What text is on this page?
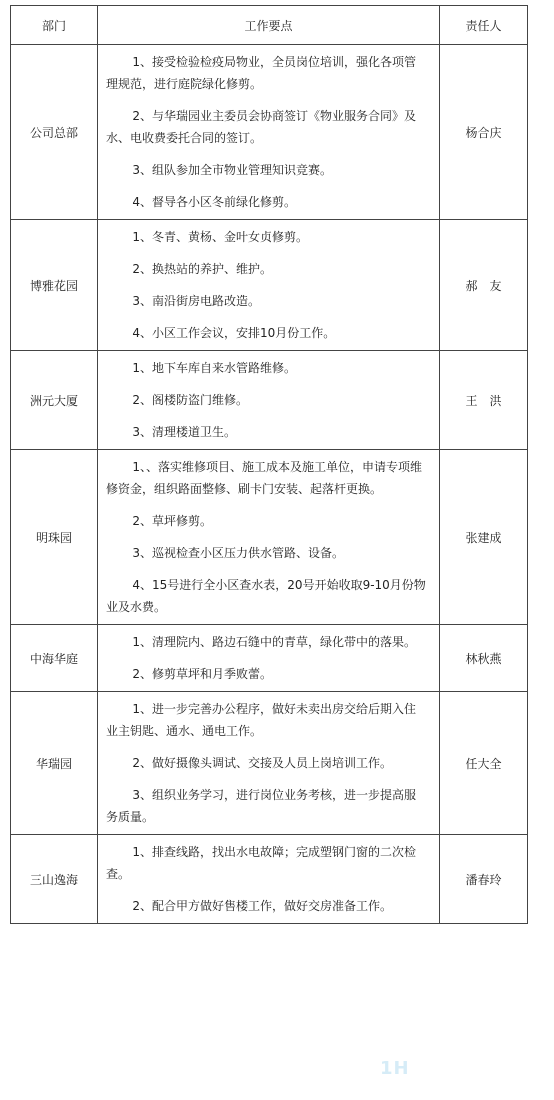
部门	工作要点	责任人
公司总部	1、接受检验检疫局物业，全员岗位培训，强化各项管理规范，进行庭院绿化修剪。

2、与华瑞园业主委员会协商签订《物业服务合同》及水、电收费委托合同的签订。

3、组队参加全市物业管理知识竞赛。

4、督导各小区冬前绿化修剪。	杨合庆
博雅花园	1、冬青、黄杨、金叶女贞修剪。

2、换热站的养护、维护。

3、南沿街房电路改造。

4、小区工作会议，安排10月份工作。	郝　友
洲元大厦	1、地下车库自来水管路维修。

2、阁楼防盗门维修。

3、清理楼道卫生。	王　洪
明珠园	1、、落实维修项目、施工成本及施工单位，申请专项维修资金，组织路面整修、刷卡门安装、起落杆更换。

2、草坪修剪。

3、巡视检查小区压力供水管路、设备。

4、15号进行全小区查水表，20号开始收取9-10月份物业及水费。	张建成
中海华庭	1、清理院内、路边石缝中的青草，绿化带中的落果。

2、修剪草坪和月季败蕾。	林秋燕
华瑞园	1、进一步完善办公程序，做好未卖出房交给后期入住业主钥匙、通水、通电工作。

2、做好摄像头调试、交接及人员上岗培训工作。

3、组织业务学习，进行岗位业务考核，进一步提高服务质量。	任大全
三山逸海	1、排查线路，找出水电故障；完成塑钢门窗的二次检查。

2、配合甲方做好售楼工作，做好交房准备工作。	潘春玲
1H
